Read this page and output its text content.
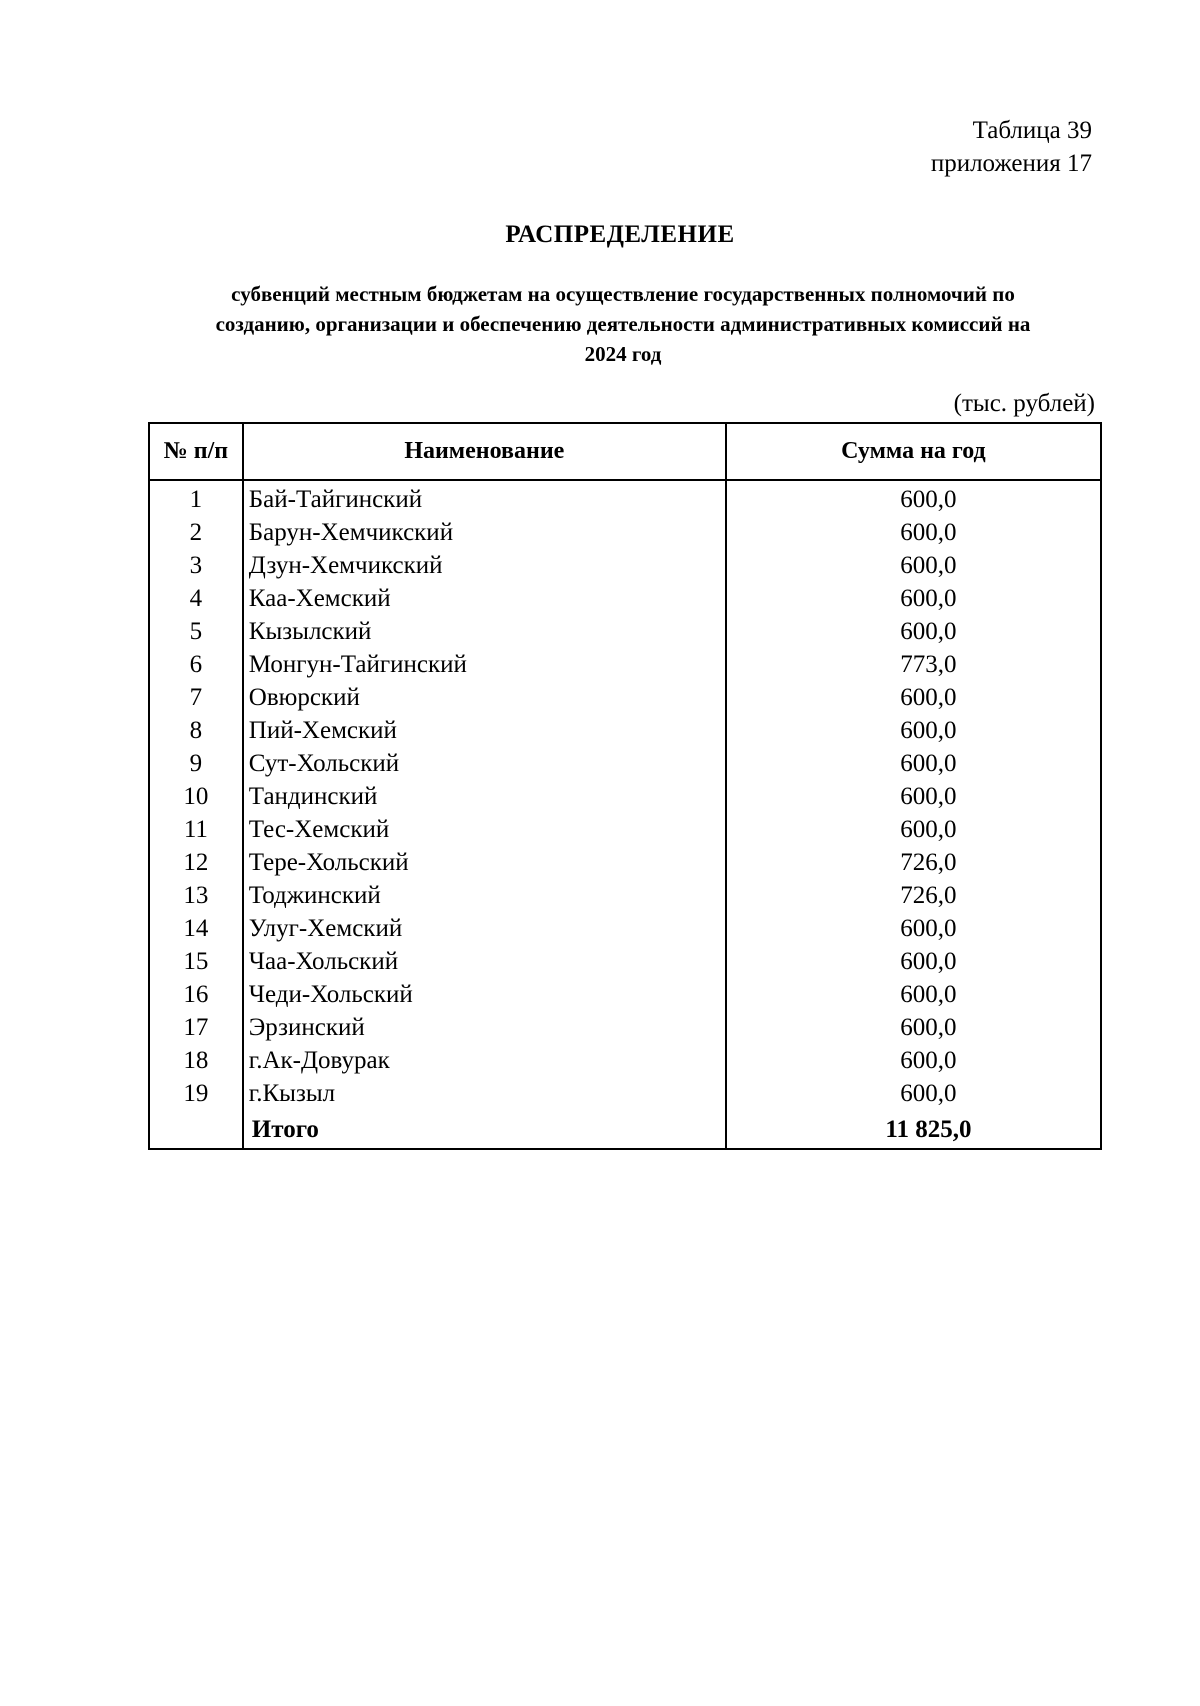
Таблица 39
приложения 17
РАСПРЕДЕЛЕНИЕ
субвенций местным бюджетам на осуществление государственных полномочий по
созданию, организации и обеспечению деятельности административных комиссий на
2024 год
(тыс. рублей)
№ п/п	Наименование	Сумма на год
1	Бай-Тайгинский	600,0
2	Барун-Хемчикский	600,0
3	Дзун-Хемчикский	600,0
4	Каа-Хемский	600,0
5	Кызылский	600,0
6	Монгун-Тайгинский	773,0
7	Овюрский	600,0
8	Пий-Хемский	600,0
9	Сут-Хольский	600,0
10	Тандинский	600,0
11	Тес-Хемский	600,0
12	Тере-Хольский	726,0
13	Тоджинский	726,0
14	Улуг-Хемский	600,0
15	Чаа-Хольский	600,0
16	Чеди-Хольский	600,0
17	Эрзинский	600,0
18	г.Ак-Довурак	600,0
19	г.Кызыл	600,0
	Итого	11 825,0
